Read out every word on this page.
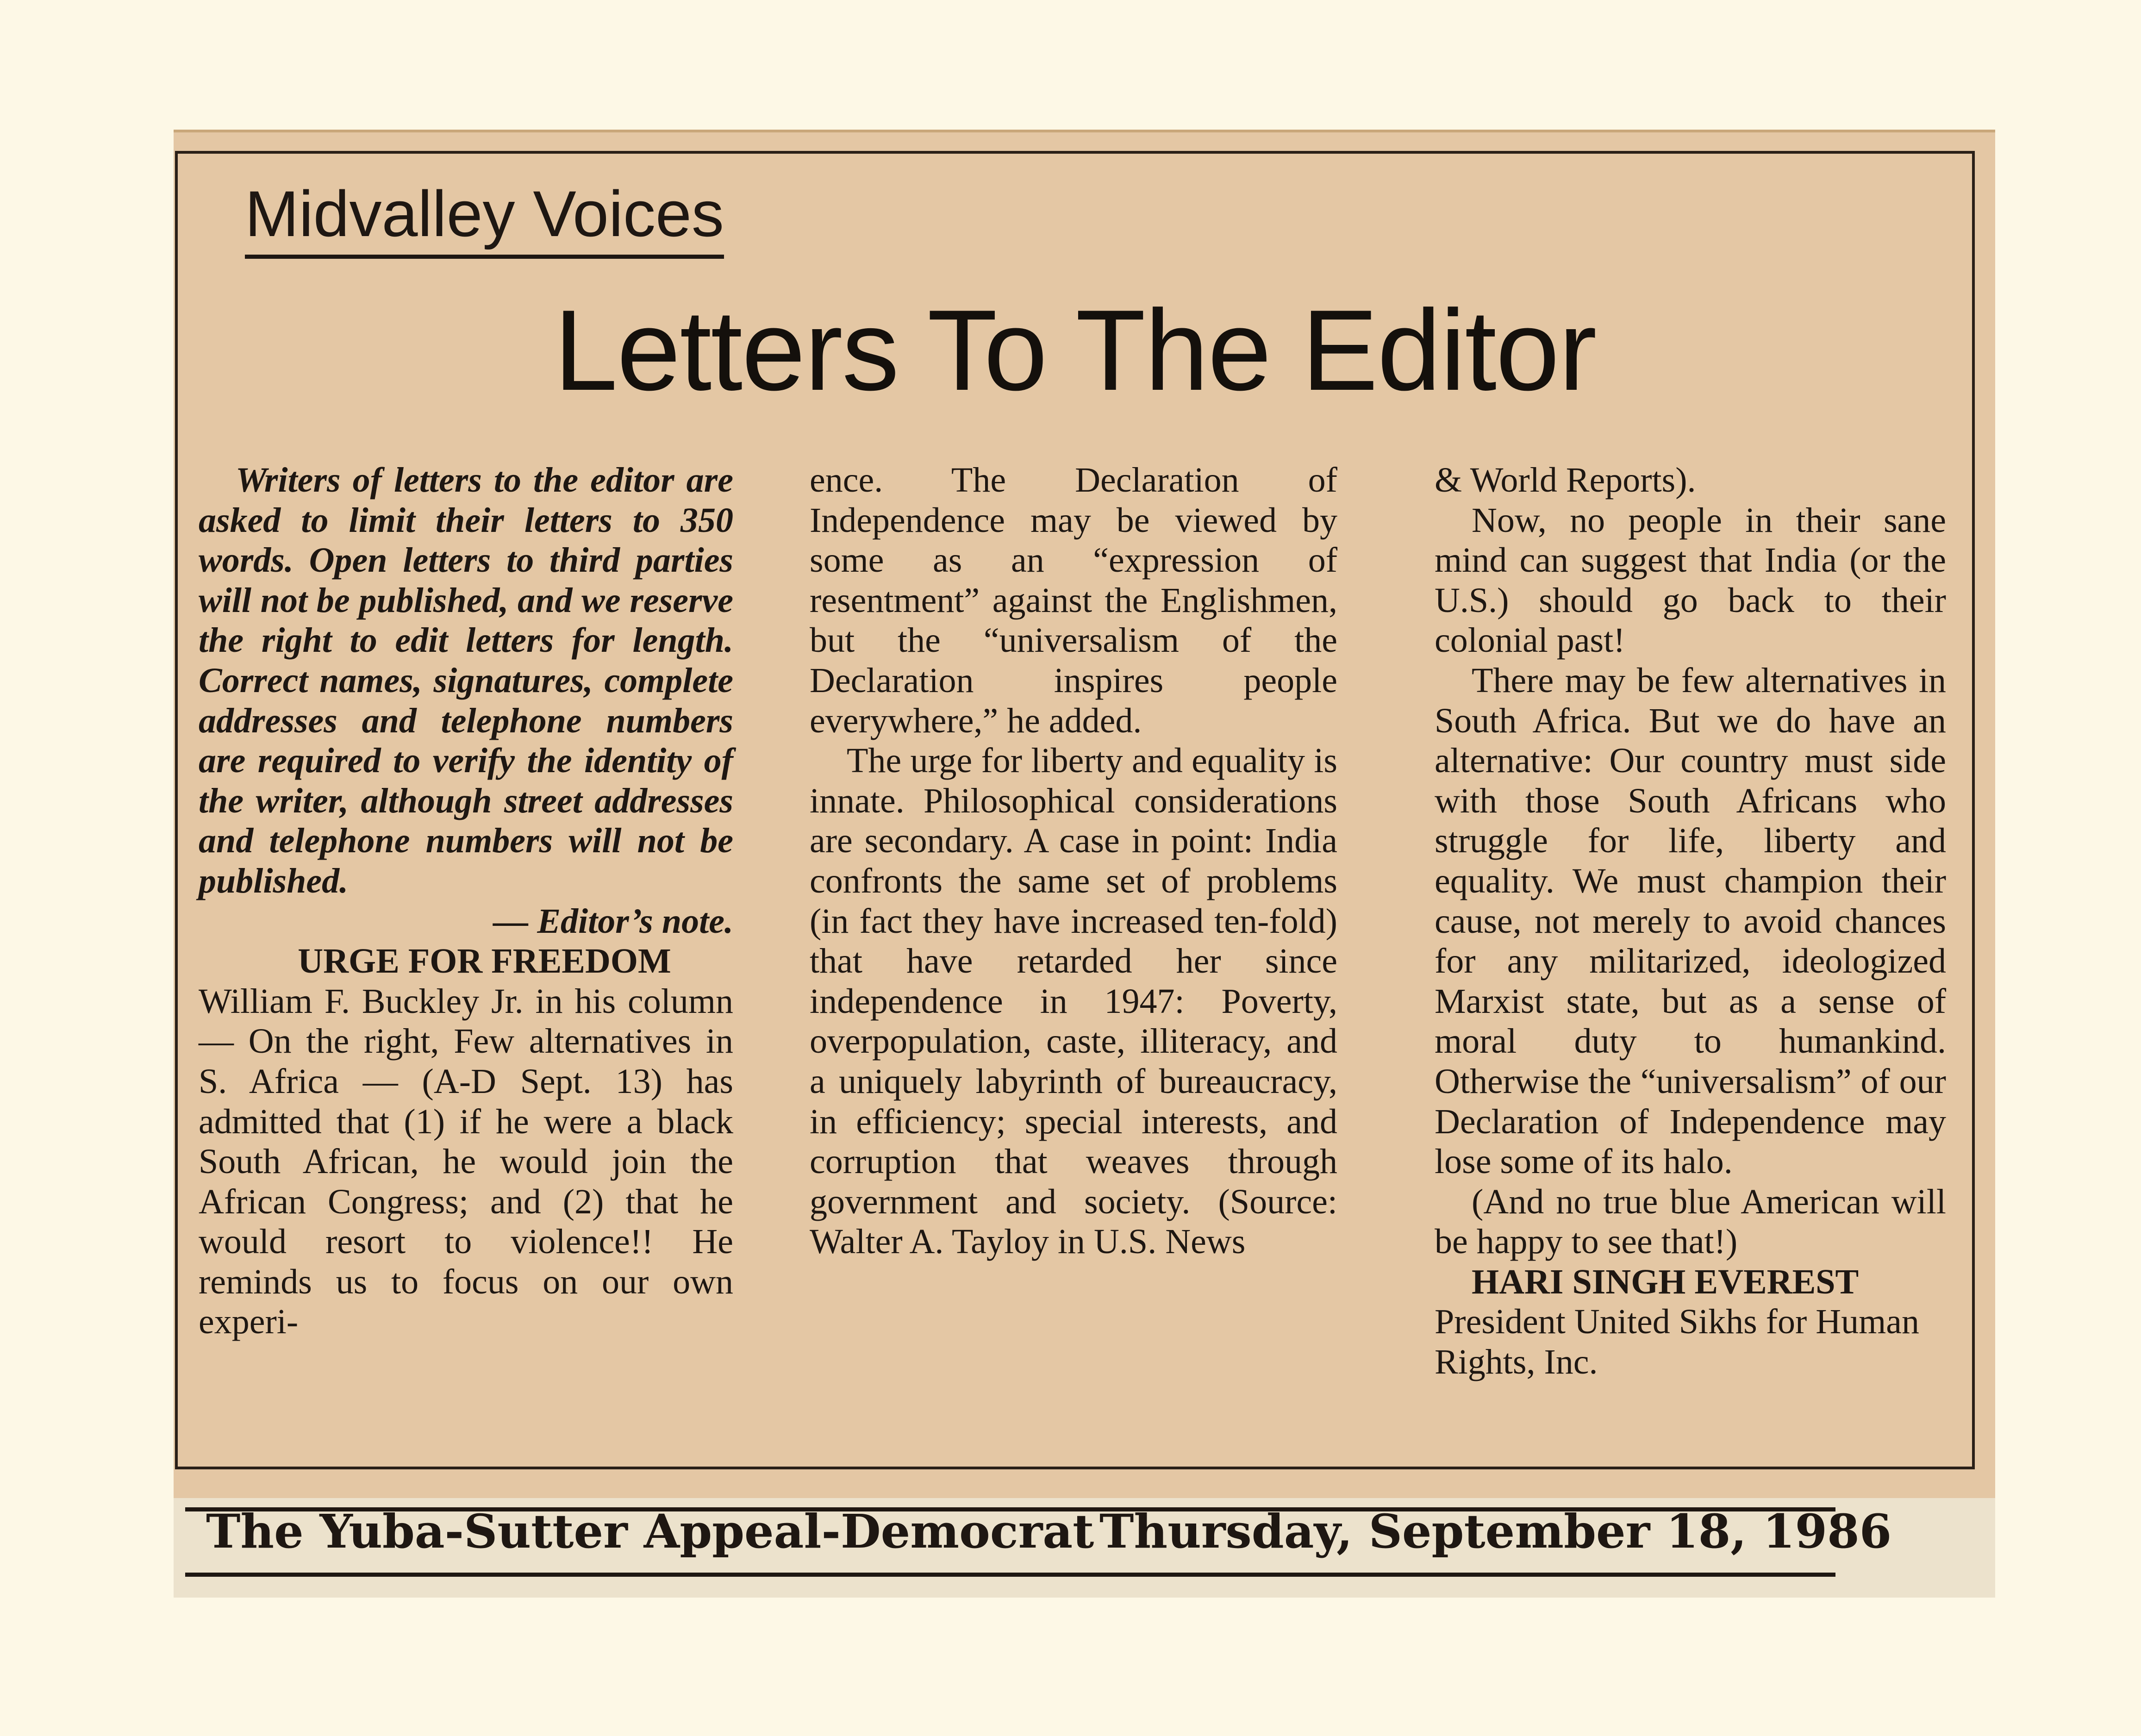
Midvalley Voices
Letters To The Editor

Writers of letters to the editor are asked to limit their letters to 350 words. Open letters to third parties will not be published, and we reserve the right to edit letters for length. Correct names, signatures, complete addresses and telephone numbers are required to verify the identity of the writer, although street addresses and telephone numbers will not be published.

— Editor’s note.

URGE FOR FREEDOM

William F. Buckley Jr. in his column — On the right, Few alternatives in S. Africa — (A-D Sept. 13) has admitted that (1) if he were a black South African, he would join the African Congress; and (2) that he would resort to violence!! He reminds us to focus on our own experi-

ence. The Declaration of Independence may be viewed by some as an “expression of resentment” against the Englishmen, but the “universalism of the Declaration inspires people everywhere,” he added.

The urge for liberty and equality is innate. Philosophical considerations are secondary. A case in point: India confronts the same set of problems (in fact they have increased ten-fold) that have retarded her since independence in 1947: Poverty, overpopulation, caste, illiteracy, and a uniquely labyrinth of bureaucracy, in efficiency; special interests, and corruption that weaves through government and society. (Source: Walter A. Tayloy in U.S. News

& World Reports).

Now, no people in their sane mind can suggest that India (or the U.S.) should go back to their colonial past!

There may be few alternatives in South Africa. But we do have an alternative: Our country must side with those South Africans who struggle for life, liberty and equality. We must champion their cause, not merely to avoid chances for any militarized, ideologized Marxist state, but as a sense of moral duty to humankind. Otherwise the “universalism” of our Declaration of Independence may lose some of its halo.

(And no true blue American will be happy to see that!)

HARI SINGH EVEREST

President United Sikhs for Human Rights, Inc.

The Yuba-Sutter Appeal-Democrat Thursday, September 18, 1986
